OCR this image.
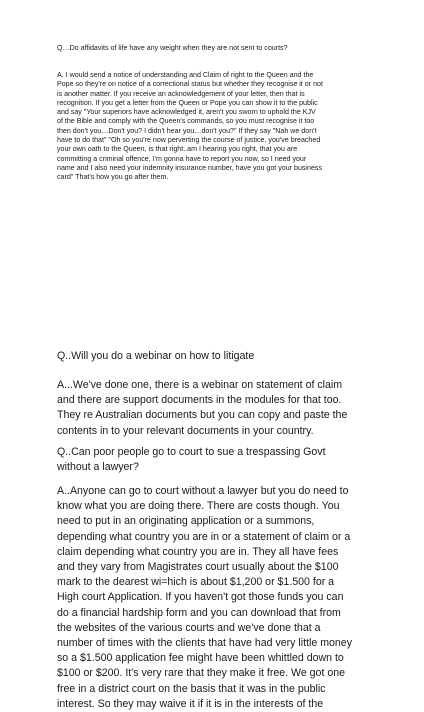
Q…Do affidavits of life have any weight when they are not sent to courts?

A. I would send a notice of understanding and Claim of right to the Queen and the
Pope so they're on notice of a correctional status but whether they recognise it or not
is another matter. If you receive an acknowledgement of your letter, then that is
recognition. If you get a letter from the Queen or Pope you can show it to the public
and say "Your superiors have acknowledged it, aren't you sworn to uphold the KJV
of the Bible and comply with the Queen's commands, so you must recognise it too
then don't you…Don't you? I didn't hear you…don't you?" If they say "Nah we don't
have to do that" "Oh so you're now perverting the course of justice, you've breached
your own oath to the Queen, is that right..am I hearing you right, that you are
committing a criminal offence, I'm gonna have to report you now, so I need your
name and I also need your indemnity insurance number, have you got your business
card" That's how you go after them.

Q..Will you do a webinar on how to litigate

A...We've done one, there is a webinar on statement of claim
and there are support documents in the modules for that too.
They re Australian documents but you can copy and paste the
contents in to your relevant documents in your country.

Q..Can poor people go to court to sue a trespassing Govt
without a lawyer?

A..Anyone can go to court without a lawyer but you do need to
know what you are doing there. There are costs though. You
need to put in an originating application or a summons,
depending what country you are in or a statement of claim or a
claim depending what country you are in. They all have fees
and they vary from Magistrates court usually about the $100
mark to the dearest wi=hich is about $1,200 or $1.500 for a
High court Application. If you haven't got those funds you can
do a financial hardship form and you can download that from
the websites of the various courts and we've done that a
number of times with the clients that have had very little money
so a $1.500 application fee might have been whittled down to
$100 or $200. It's very rare that they make it free. We got one
free in a district court on the basis that it was in the public
interest. So they may waive it if it is in the interests of the
